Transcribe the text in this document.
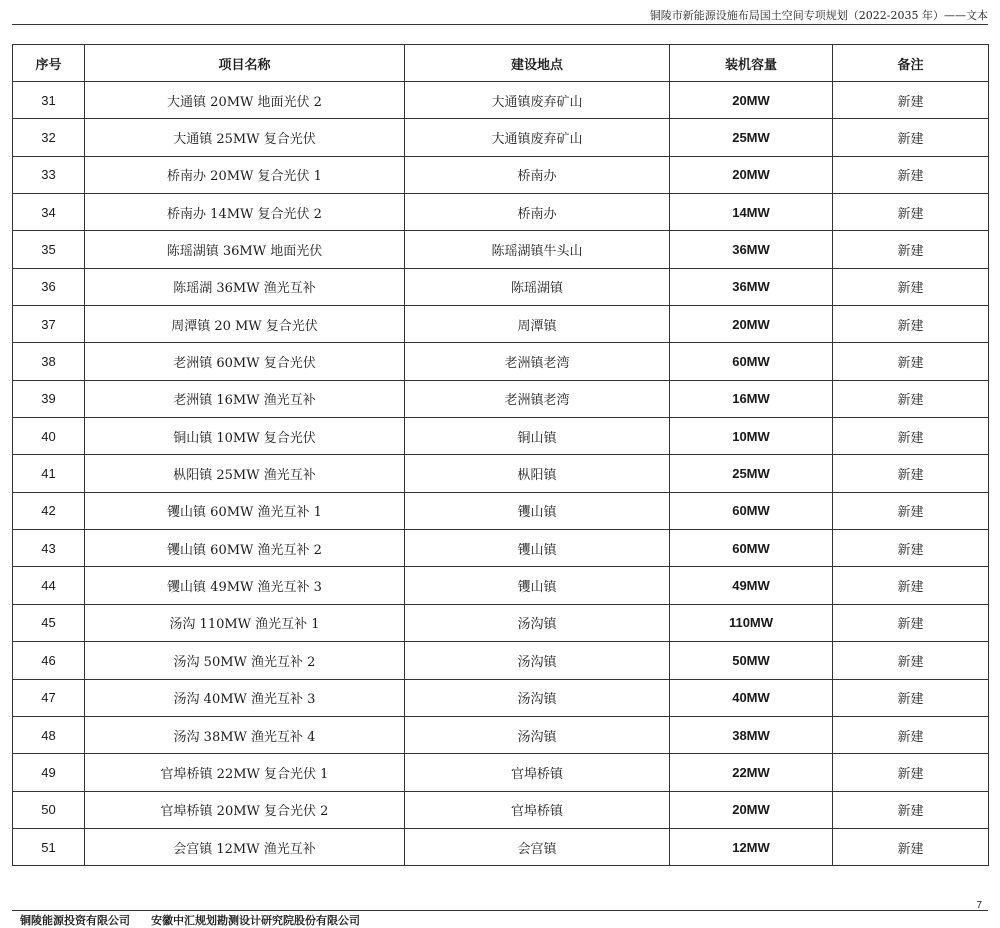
铜陵市新能源设施布局国土空间专项规划（2022-2035 年）——文本
序号	项目名称	建设地点	装机容量	备注
31	大通镇 20MW 地面光伏 2	大通镇废弃矿山	20MW	新建
32	大通镇 25MW 复合光伏	大通镇废弃矿山	25MW	新建
33	桥南办 20MW 复合光伏 1	桥南办	20MW	新建
34	桥南办 14MW 复合光伏 2	桥南办	14MW	新建
35	陈瑶湖镇 36MW 地面光伏	陈瑶湖镇牛头山	36MW	新建
36	陈瑶湖 36MW 渔光互补	陈瑶湖镇	36MW	新建
37	周潭镇 20 MW 复合光伏	周潭镇	20MW	新建
38	老洲镇 60MW 复合光伏	老洲镇老湾	60MW	新建
39	老洲镇 16MW 渔光互补	老洲镇老湾	16MW	新建
40	铜山镇 10MW 复合光伏	铜山镇	10MW	新建
41	枞阳镇 25MW 渔光互补	枞阳镇	25MW	新建
42	䦆山镇 60MW 渔光互补 1	䦆山镇	60MW	新建
43	䦆山镇 60MW 渔光互补 2	䦆山镇	60MW	新建
44	䦆山镇 49MW 渔光互补 3	䦆山镇	49MW	新建
45	汤沟 110MW 渔光互补 1	汤沟镇	110MW	新建
46	汤沟 50MW 渔光互补 2	汤沟镇	50MW	新建
47	汤沟 40MW 渔光互补 3	汤沟镇	40MW	新建
48	汤沟 38MW 渔光互补 4	汤沟镇	38MW	新建
49	官埠桥镇 22MW 复合光伏 1	官埠桥镇	22MW	新建
50	官埠桥镇 20MW 复合光伏 2	官埠桥镇	20MW	新建
51	会宫镇 12MW 渔光互补	会宫镇	12MW	新建
7
铜陵能源投资有限公司 安徽中汇规划勘测设计研究院股份有限公司
